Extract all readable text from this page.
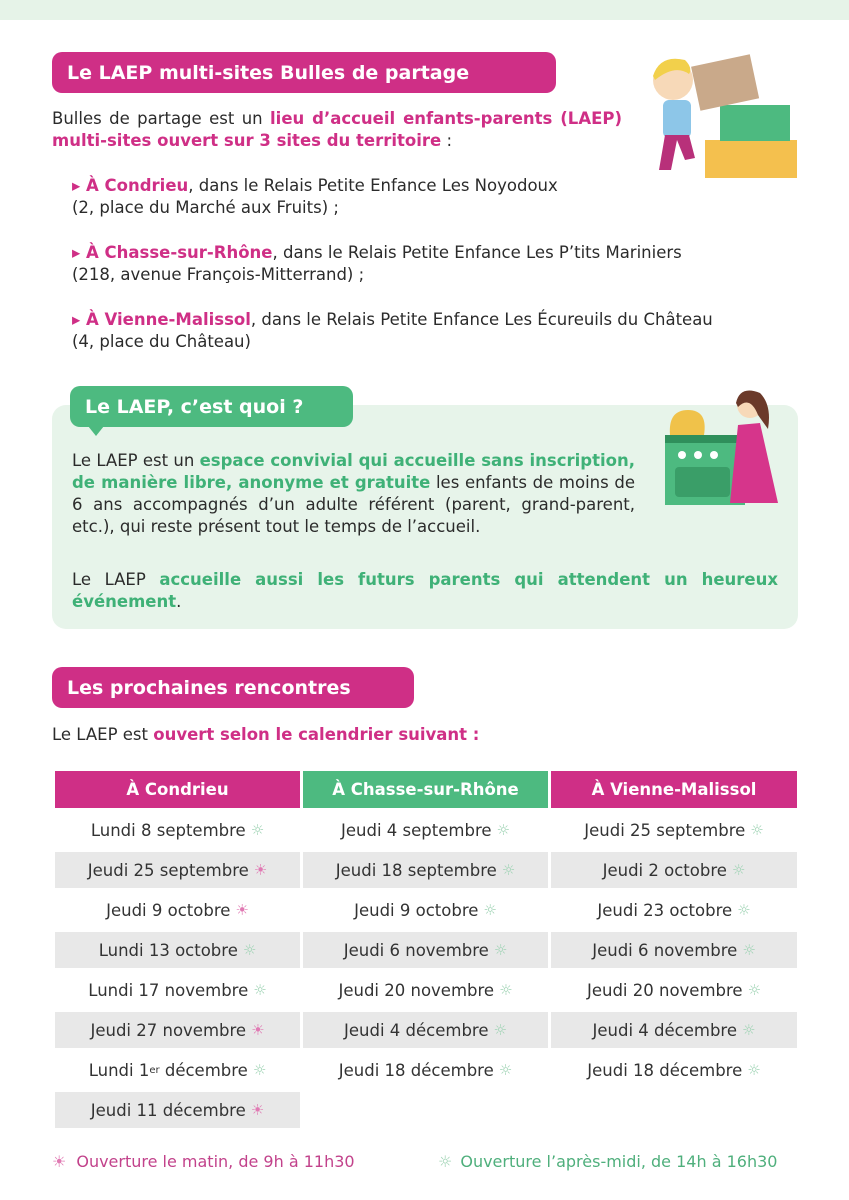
Le LAEP multi-sites Bulles de partage
Bulles de partage est un lieu d’accueil enfants-parents (LAEP) multi-sites ouvert sur 3 sites du territoire :
▸ À Condrieu, dans le Relais Petite Enfance Les Noyodoux
(2, place du Marché aux Fruits) ;
▸ À Chasse-sur-Rhône, dans le Relais Petite Enfance Les P’tits Mariniers
(218, avenue François-Mitterrand) ;
▸ À Vienne-Malissol, dans le Relais Petite Enfance Les Écureuils du Château
(4, place du Château)
Le LAEP, c’est quoi ?
Le LAEP est un espace convivial qui accueille sans inscription, de manière libre, anonyme et gratuite les enfants de moins de 6 ans accompagnés d’un adulte référent (parent, grand-parent, etc.), qui reste présent tout le temps de l’accueil.
Le LAEP accueille aussi les futurs parents qui attendent un heureux événement.
Les prochaines rencontres
Le LAEP est ouvert selon le calendrier suivant :
À Condrieu	À Chasse-sur-Rhône	À Vienne-Malissol
Lundi 8 septembre ☼	Jeudi 4 septembre ☼	Jeudi 25 septembre ☼
Jeudi 25 septembre ☀	Jeudi 18 septembre ☼	Jeudi 2 octobre ☼
Jeudi 9 octobre ☀	Jeudi 9 octobre ☼	Jeudi 23 octobre ☼
Lundi 13 octobre ☼	Jeudi 6 novembre ☼	Jeudi 6 novembre ☼
Lundi 17 novembre ☼	Jeudi 20 novembre ☼	Jeudi 20 novembre ☼
Jeudi 27 novembre ☀	Jeudi 4 décembre ☼	Jeudi 4 décembre ☼
Lundi 1 er décembre ☼	Jeudi 18 décembre ☼	Jeudi 18 décembre ☼
Jeudi 11 décembre ☀
☀ Ouverture le matin, de 9h à 11h30	☼ Ouverture l’après-midi, de 14h à 16h30
